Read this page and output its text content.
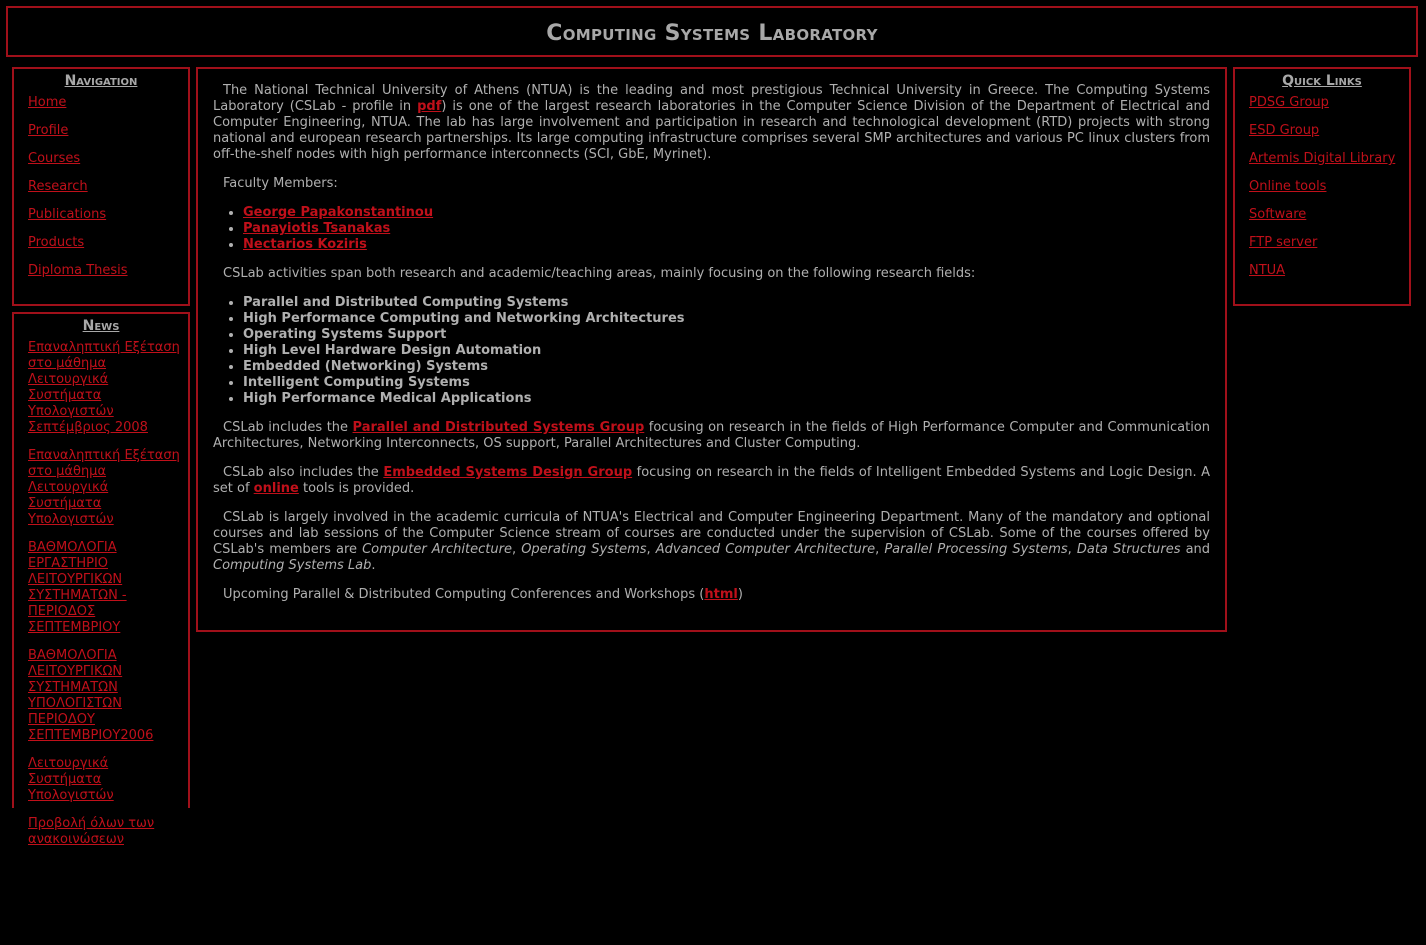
Computing Systems Laboratory
Navigation
Home
Profile
Courses
Research
Publications
Products
Diploma Thesis
News
Επαναληπτική Εξέταση στο μάθημα Λειτουργικά Συστήματα Υπολογιστών Σεπτέμβριος 2008
Επαναληπτική Εξέταση στο μάθημα Λειτουργικά Συστήματα Υπολογιστών
ΒΑΘΜΟΛΟΓΙΑ ΕΡΓΑΣΤΗΡΙΟ ΛΕΙΤΟΥΡΓΙΚΩΝ ΣΥΣΤΗΜΑΤΩΝ - ΠΕΡΙΟΔΟΣ ΣΕΠΤΕΜΒΡΙΟΥ
ΒΑΘΜΟΛΟΓΙΑ ΛΕΙΤΟΥΡΓΙΚΩΝ ΣΥΣΤΗΜΑΤΩΝ ΥΠΟΛΟΓΙΣΤΩΝ ΠΕΡΙΟΔΟΥ ΣΕΠΤΕΜΒΡΙΟΥ2006
Λειτουργικά Συστήματα Υπολογιστών
Προβολή όλων των ανακοινώσεων

The National Technical University of Athens (NTUA) is the leading and most prestigious Technical University in Greece. The Computing Systems Laboratory (CSLab - profile in pdf) is one of the largest research laboratories in the Computer Science Division of the Department of Electrical and Computer Engineering, NTUA. The lab has large involvement and participation in research and technological development (RTD) projects with strong national and european research partnerships. Its large computing infrastructure comprises several SMP architectures and various PC linux clusters from off-the-shelf nodes with high performance interconnects (SCI, GbE, Myrinet).

Faculty Members:

• George Papakonstantinou
• Panayiotis Tsanakas
• Nectarios Koziris

CSLab activities span both research and academic/teaching areas, mainly focusing on the following research fields:

• Parallel and Distributed Computing Systems
• High Performance Computing and Networking Architectures
• Operating Systems Support
• High Level Hardware Design Automation
• Embedded (Networking) Systems
• Intelligent Computing Systems
• High Performance Medical Applications

CSLab includes the Parallel and Distributed Systems Group focusing on research in the fields of High Performance Computer and Communication Architectures, Networking Interconnects, OS support, Parallel Architectures and Cluster Computing.

CSLab also includes the Embedded Systems Design Group focusing on research in the fields of Intelligent Embedded Systems and Logic Design. A set of online tools is provided.

CSLab is largely involved in the academic curricula of NTUA's Electrical and Computer Engineering Department. Many of the mandatory and optional courses and lab sessions of the Computer Science stream of courses are conducted under the supervision of CSLab. Some of the courses offered by CSLab's members are Computer Architecture, Operating Systems, Advanced Computer Architecture, Parallel Processing Systems, Data Structures and Computing Systems Lab.

Upcoming Parallel & Distributed Computing Conferences and Workshops (html)

Quick Links
PDSG Group
ESD Group
Artemis Digital Library
Online tools
Software
FTP server
NTUA
